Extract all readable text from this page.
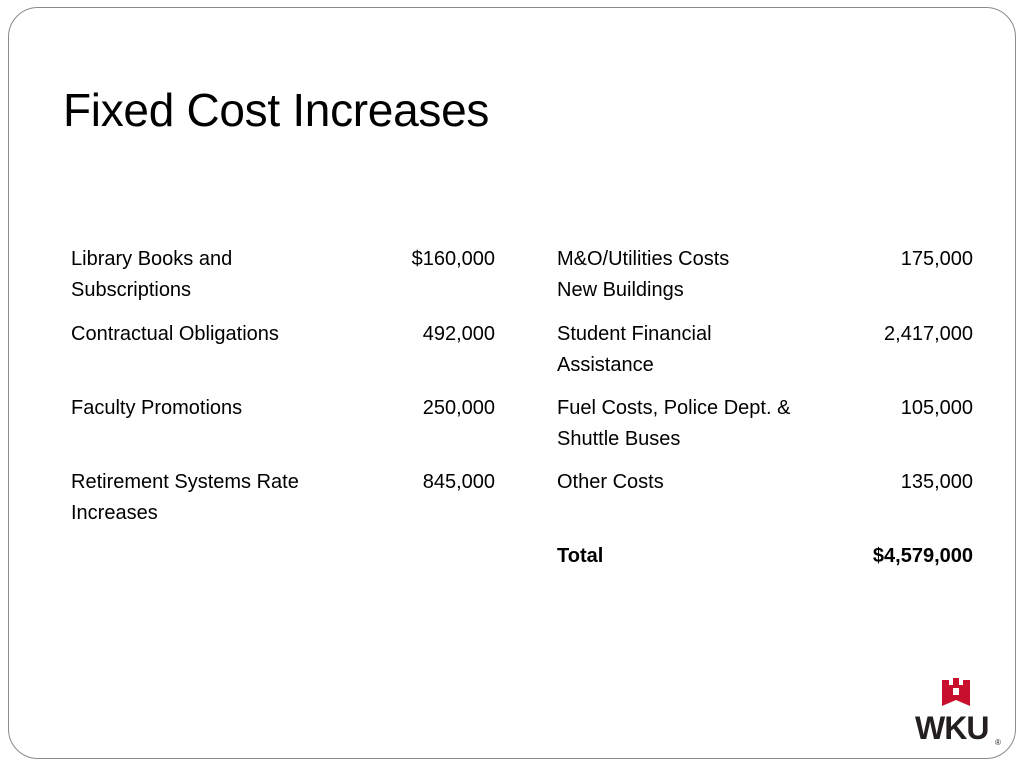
Fixed Cost Increases
Library Books and
Subscriptions	$160,000

Contractual Obligations	492,000

Faculty Promotions	250,000

Retirement Systems Rate
Increases	845,000
M&O/Utilities Costs
New Buildings	175,000

Student Financial
Assistance	2,417,000

Fuel Costs, Police Dept. &
Shuttle Buses	105,000

Other Costs	135,000
Total	$4,579,000
WKU ®
